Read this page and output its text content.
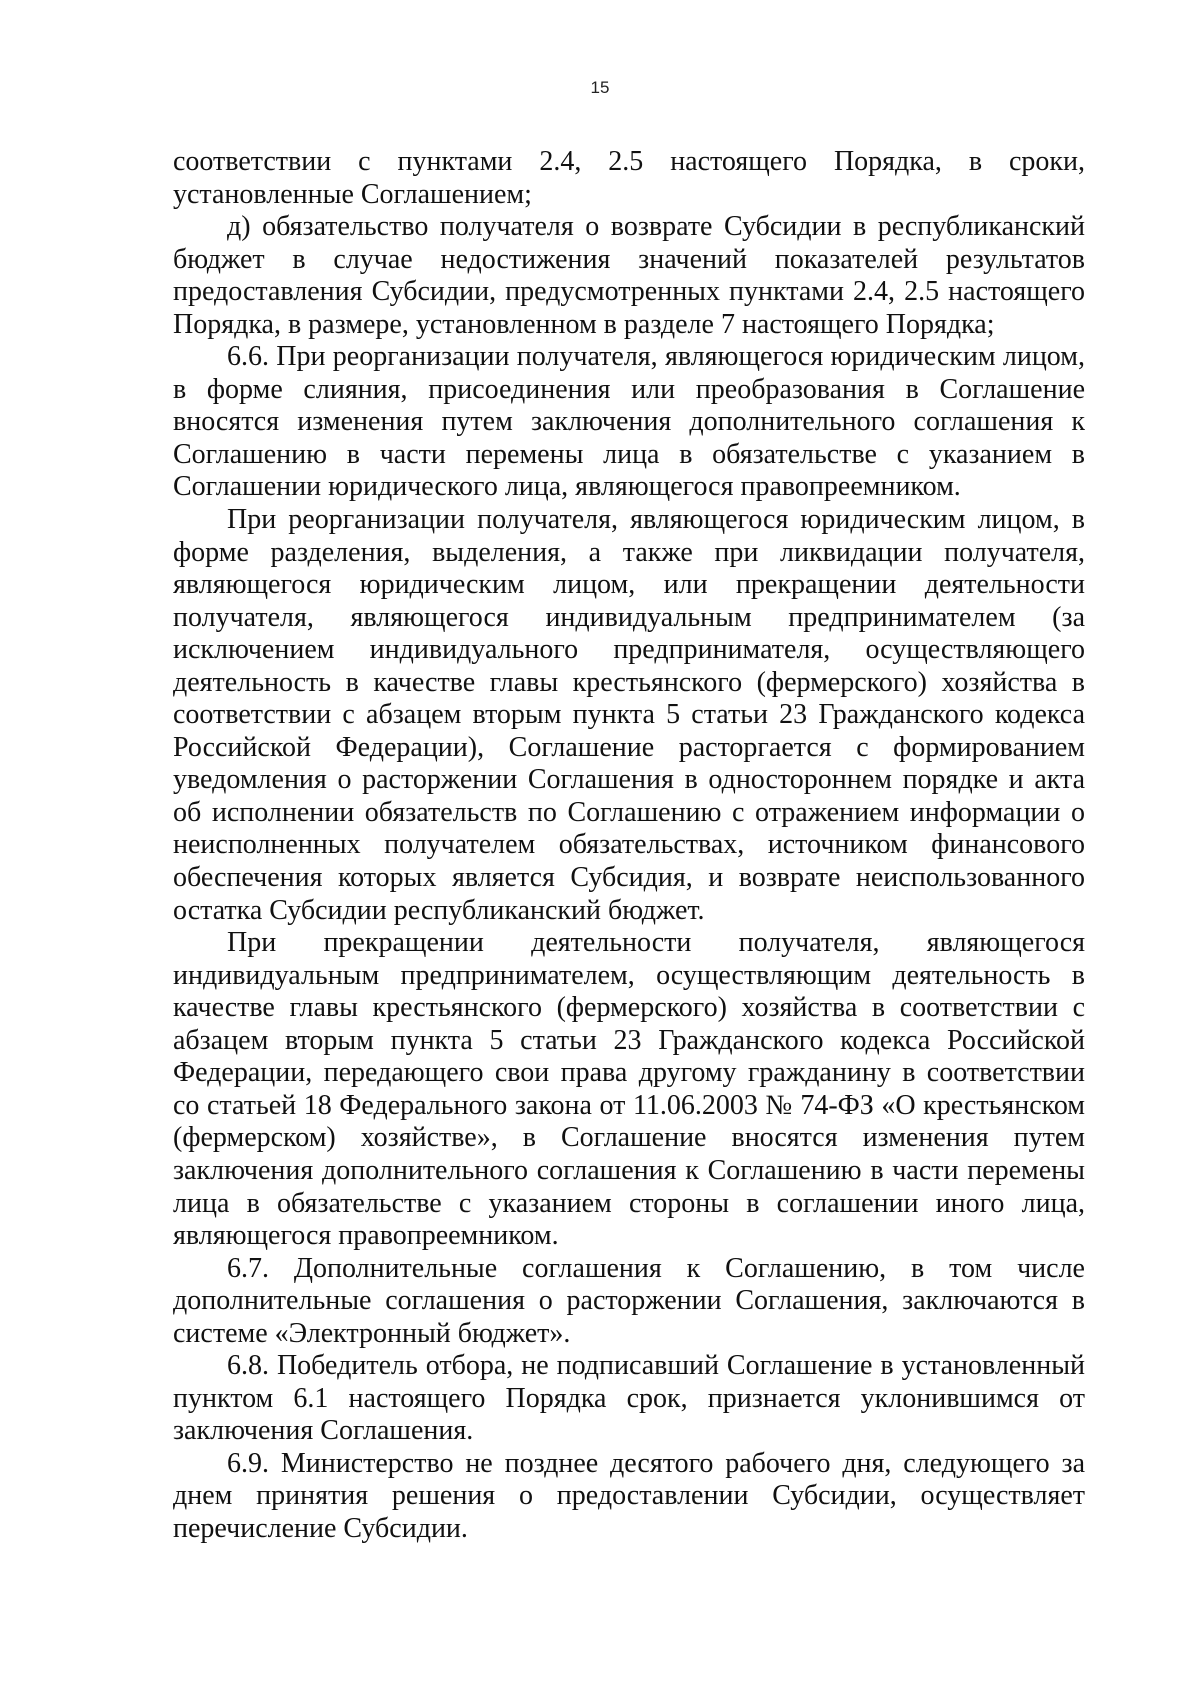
15

соответствии с пунктами 2.4, 2.5 настоящего Порядка, в сроки, установленные Соглашением;

д) обязательство получателя о возврате Субсидии в республиканский бюджет в случае недостижения значений показателей результатов предоставления Субсидии, предусмотренных пунктами 2.4, 2.5 настоящего Порядка, в размере, установленном в разделе 7 настоящего Порядка;

6.6. При реорганизации получателя, являющегося юридическим лицом, в форме слияния, присоединения или преобразования в Соглашение вносятся изменения путем заключения дополнительного соглашения к Соглашению в части перемены лица в обязательстве с указанием в Соглашении юридического лица, являющегося правопреемником.

При реорганизации получателя, являющегося юридическим лицом, в форме разделения, выделения, а также при ликвидации получателя, являющегося юридическим лицом, или прекращении деятельности получателя, являющегося индивидуальным предпринимателем (за исключением индивидуального предпринимателя, осуществляющего деятельность в качестве главы крестьянского (фермерского) хозяйства в соответствии с абзацем вторым пункта 5 статьи 23 Гражданского кодекса Российской Федерации), Соглашение расторгается с формированием уведомления о расторжении Соглашения в одностороннем порядке и акта об исполнении обязательств по Соглашению с отражением информации о неисполненных получателем обязательствах, источником финансового обеспечения которых является Субсидия, и возврате неиспользованного остатка Субсидии республиканский бюджет.

При прекращении деятельности получателя, являющегося индивидуальным предпринимателем, осуществляющим деятельность в качестве главы крестьянского (фермерского) хозяйства в соответствии с абзацем вторым пункта 5 статьи 23 Гражданского кодекса Российской Федерации, передающего свои права другому гражданину в соответствии со статьей 18 Федерального закона от 11.06.2003 № 74-ФЗ «О крестьянском (фермерском) хозяйстве», в Соглашение вносятся изменения путем заключения дополнительного соглашения к Соглашению в части перемены лица в обязательстве с указанием стороны в соглашении иного лица, являющегося правопреемником.

6.7. Дополнительные соглашения к Соглашению, в том числе дополнительные соглашения о расторжении Соглашения, заключаются в системе «Электронный бюджет».

6.8. Победитель отбора, не подписавший Соглашение в установленный пунктом 6.1 настоящего Порядка срок, признается уклонившимся от заключения Соглашения.

6.9. Министерство не позднее десятого рабочего дня, следующего за днем принятия решения о предоставлении Субсидии, осуществляет перечисление Субсидии.
